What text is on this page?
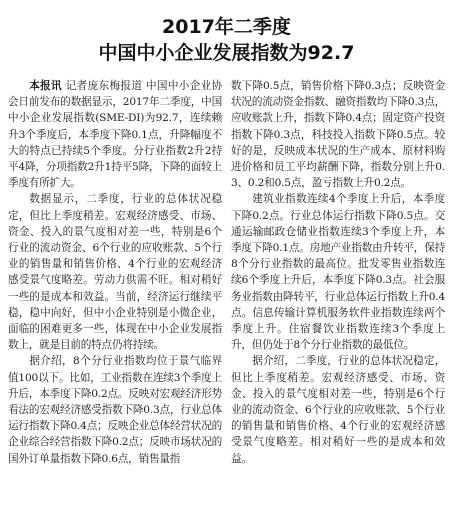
2017年二季度
中国中小企业发展指数为92.7

本报讯 记者庞东梅报道 中国中小企业协会日前发布的数据显示，2017年二季度，中国中小企业发展指数(SME-DI)为92.7，连续赖升3个季度后，本季度下降0.1点，升降幅度不大的特点已持续5个季度。分行业指数2升2持平4降，分项指数2升1持平5降，下降的面较上季度有所扩大。

数据显示，二季度，行业的总体状况稳定，但比上季度稍差。宏观经济感受、市场、资金、投入的景气度相对差一些，特别是6个行业的流动资金、6个行业的应收账款、5个行业的销售量和销售价格、4个行业的宏观经济感受景气度略差。劳动力供需不旺。相对稍好一些的是成本和效益。当前，经济运行继续平稳，稳中向好，但中小企业特别是小微企业，面临的困难更多一些，体现在中小企业发展指数上，就是目前的特点仍将持续。

据介绍，8个分行业指数均位于景气临界值100以下。比如，工业指数在连续3个季度上升后，本季度下降0.2点。反映对宏观经济形势看法的宏观经济感受指数下降0.3点，行业总体运行指数下降0.4点；反映企业总体经营状况的企业综合经营指数下降0.2点；反映市场状况的国外订单量指数下降0.6点，销售量指

数下降0.5点，销售价格下降0.3点；反映资金状况的流动资金指数、融资指数均下降0.3点，应收账款上升，指数下降0.4点；固定资产投资指数下降0.3点，科技投入指数下降0.5点。较好的是，反映成本状况的生产成本、原材料购进价格和员工平均薪酬下降，指数分别上升0.3、0.2和0.5点，盈亏指数上升0.2点。

建筑业指数连续4个季度上升后，本季度下降0.2点。行业总体运行指数下降0.5点。交通运输邮政仓储业指数连续3个季度上升，本季度下降0.1点。房地产业指数由升转平，保持8个分行业指数的最高位。批发零售业指数连续6个季度上升后，本季度下降0.3点。社会服务业指数由降转平，行业总体运行指数上升0.4点。信息传输计算机服务软件业指数连续两个季度上升。住宿餐饮业指数连续3个季度上升，但仍处于8个分行业指数的最低位。

据介绍，二季度，行业的总体状况稳定，但比上季度稍差。宏观经济感受、市场、资金、投入的景气度相对差一些，特别是6个行业的流动资金、6个行业的应收账款、5个行业的销售量和销售价格、4个行业的宏观经济感受景气度略差。相对稍好一些的是成本和效益。
